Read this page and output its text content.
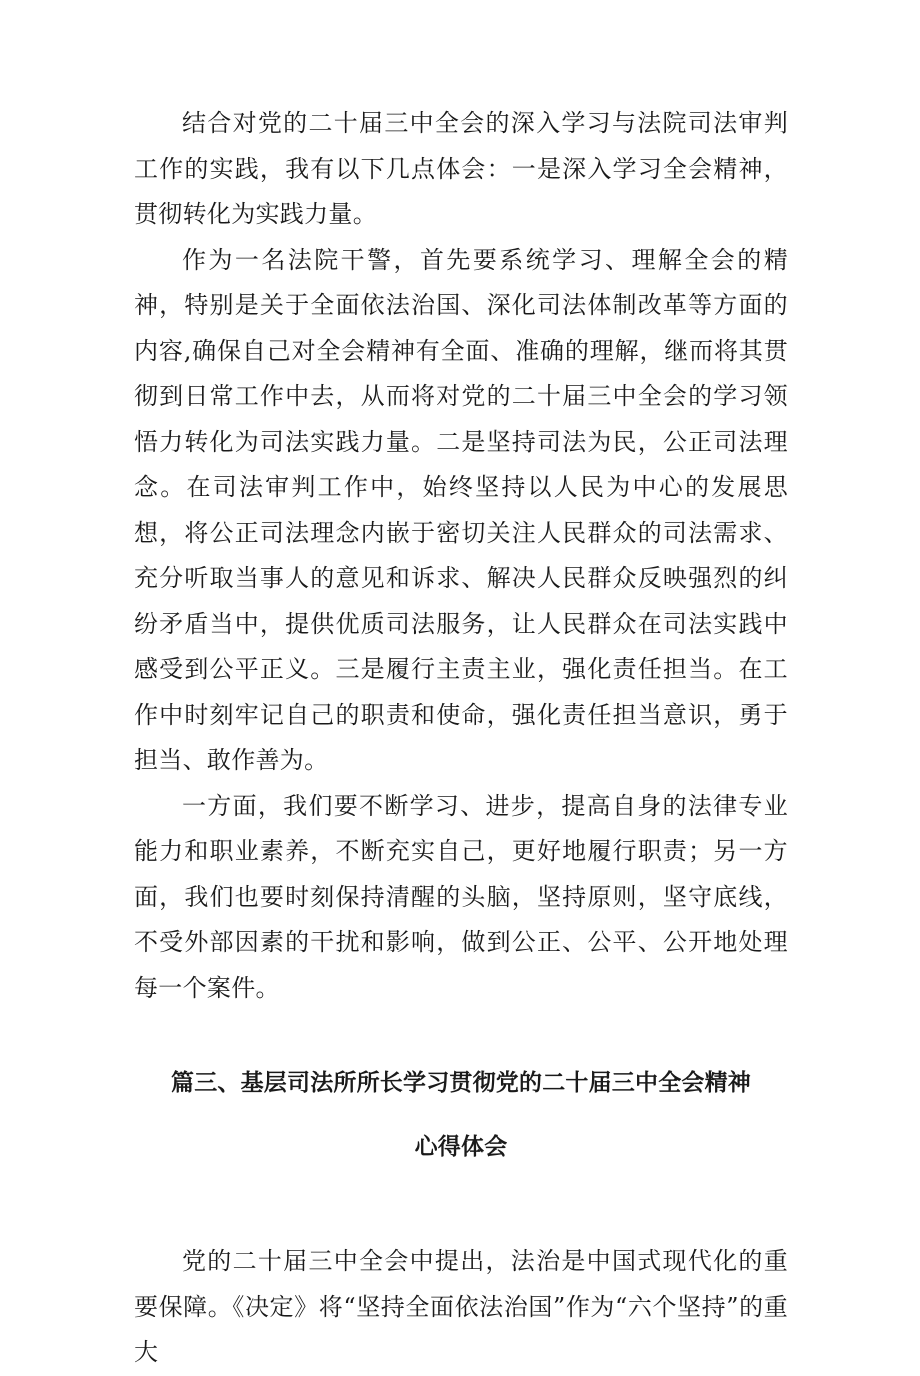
结合对党的二十届三中全会的深入学习与法院司法审判工作的实践，我有以下几点体会：一是深入学习全会精神，贯彻转化为实践力量。

作为一名法院干警，首先要系统学习、理解全会的精神，特别是关于全面依法治国、深化司法体制改革等方面的内容,确保自己对全会精神有全面、准确的理解，继而将其贯彻到日常工作中去，从而将对党的二十届三中全会的学习领悟力转化为司法实践力量。二是坚持司法为民，公正司法理念。在司法审判工作中，始终坚持以人民为中心的发展思想，将公正司法理念内嵌于密切关注人民群众的司法需求、充分听取当事人的意见和诉求、解决人民群众反映强烈的纠纷矛盾当中，提供优质司法服务，让人民群众在司法实践中感受到公平正义。三是履行主责主业，强化责任担当。在工作中时刻牢记自己的职责和使命，强化责任担当意识，勇于担当、敢作善为。

一方面，我们要不断学习、进步，提高自身的法律专业能力和职业素养，不断充实自己，更好地履行职责；另一方面，我们也要时刻保持清醒的头脑，坚持原则，坚守底线，不受外部因素的干扰和影响，做到公正、公平、公开地处理每一个案件。

篇三、基层司法所所长学习贯彻党的二十届三中全会精神

心得体会

党的二十届三中全会中提出，法治是中国式现代化的重要保障。《决定》将“坚持全面依法治国”作为“六个坚持”的重大
